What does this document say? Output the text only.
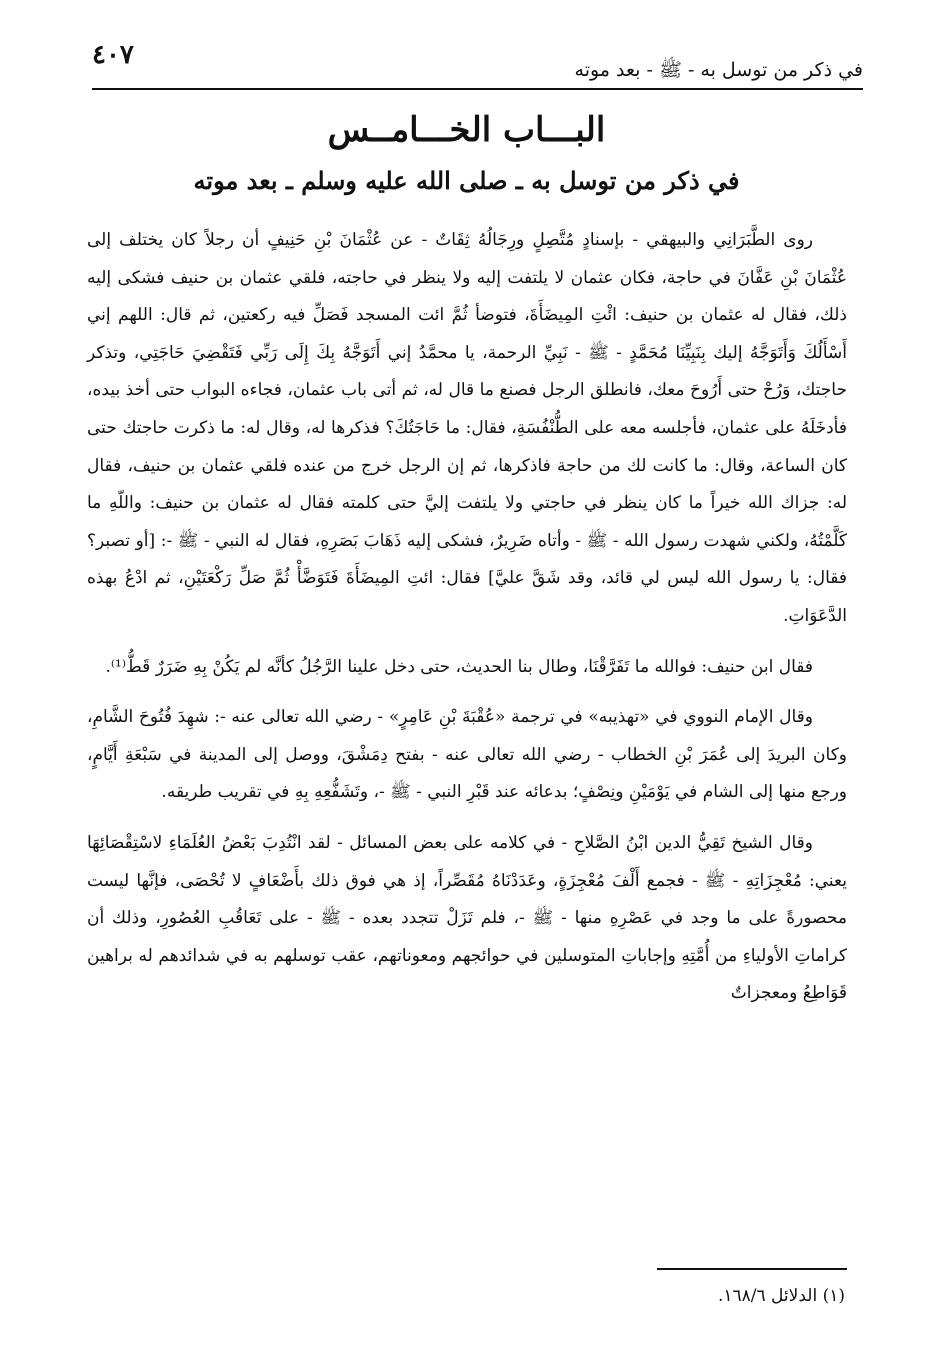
في ذكر من توسل به - ﷺ - بعد موته
٤٠٧
البـــاب الخـــامــس
في ذكر من توسل به ـ صلى الله عليه وسلم ـ بعد موته

روى الطَّبَرَانِي والبيهقي - بإسنادٍ مُتَّصِلٍ ورِجَالُهُ ثِقَاتٌ - عن عُثْمَانَ بْنِ حَنِيفٍ أن رجلاً كان يختلف إلى عُثْمَانَ بْنِ عَفَّانَ في حاجة، فكان عثمان لا يلتفت إليه ولا ينظر في حاجته، فلقي عثمان بن حنيف فشكى إليه ذلك، فقال له عثمان بن حنيف: ائْتِ المِيضَأَةَ، فتوضأ ثُمَّ ائت المسجد فَصَلِّ فيه ركعتين، ثم قال: اللهم إني أَسْأَلُكَ وَأَتَوَجَّهُ إليك بِنَبِيِّنَا مُحَمَّدٍ - ﷺ - نَبِيِّ الرحمة، يا محمَّدُ إني أَتَوَجَّهُ بِكَ إِلَى رَبِّي فَتَقْضِيَ حَاجَتِي، وتذكر حاجتك، وَرُحْ حتى أَرُوحَ معك، فانطلق الرجل فصنع ما قال له، ثم أتى باب عثمان، فجاءه البواب حتى أخذ بيده، فأدخَلَهُ على عثمان، فأجلسه معه على الطُّنْفُسَةِ، فقال: ما حَاجَتُكَ؟ فذكرها له، وقال له: ما ذكرت حاجتك حتى كان الساعة، وقال: ما كانت لك من حاجة فاذكرها، ثم إن الرجل خرج من عنده فلقي عثمان بن حنيف، فقال له: جزاك الله خيراً ما كان ينظر في حاجتي ولا يلتفت إليَّ حتى كلمته فقال له عثمان بن حنيف: واللّهِ ما كَلَّمْتُهُ، ولكني شهدت رسول الله - ﷺ - وأتاه ضَرِيرٌ، فشكى إليه ذَهَابَ بَصَرِهِ، فقال له النبي - ﷺ -: [أو تصبر؟ فقال: يا رسول الله ليس لي قائد، وقد شَقَّ عليَّ] فقال: ائتِ المِيضَأَةَ فَتَوَضَّأْ ثُمَّ صَلِّ رَكْعَتَيْنِ، ثم ادْعُ بهذه الدَّعَوَاتِ.

فقال ابن حنيف: فوالله ما تَفَرَّقْنَا، وطال بنا الحديث، حتى دخل علينا الرَّجُلُ كأنَّه لم يَكُنْ بِهِ ضَرَرٌ قَطُّ⁽¹⁾.

وقال الإمام النووي في «تهذيبه» في ترجمة «عُقْبَةَ بْنِ عَامِرٍ» - رضي الله تعالى عنه -: شهِدَ فُتُوحَ الشَّامِ، وكان البريدَ إلى عُمَرَ بْنِ الخطاب - رضي الله تعالى عنه - بفتح دِمَشْقَ، ووصل إلى المدينة في سَبْعَةِ أَيَّامٍ، ورجع منها إلى الشام في يَوْمَيْنِ ونِصْفٍ؛ بدعائه عند قَبْرِ النبي - ﷺ -، وتَشَفُّعِهِ بِهِ في تقريب طريقه.

وقال الشيخ تَقِيُّ الدين ابْنُ الصَّلاحِ - في كلامه على بعض المسائل - لقد انْتُدِبَ بَعْضُ العُلَمَاءِ لاسْتِقْصَائِهَا يعني: مُعْجِزَاتِهِ - ﷺ - فجمع أَلْفَ مُعْجِزَةٍ، وعَدَدْنَاهُ مُقَصِّراً، إذ هي فوق ذلك بأَضْعَافٍ لا تُحْصَى، فإنَّها ليست محصورةً على ما وجد في عَصْرِهِ منها - ﷺ -، فلم تَزَلْ تتجدد بعده - ﷺ - على تَعَاقُبِ العُصُورِ، وذلك أن كراماتِ الأولياءِ من أُمَّتِهِ وإجاباتِ المتوسلين في حوائجهم ومعوناتهم، عقب توسلهم به في شدائدهم له براهين قَوَاطِعُ ومعجزاتٌ

(١) الدلائل ١٦٨/٦.
